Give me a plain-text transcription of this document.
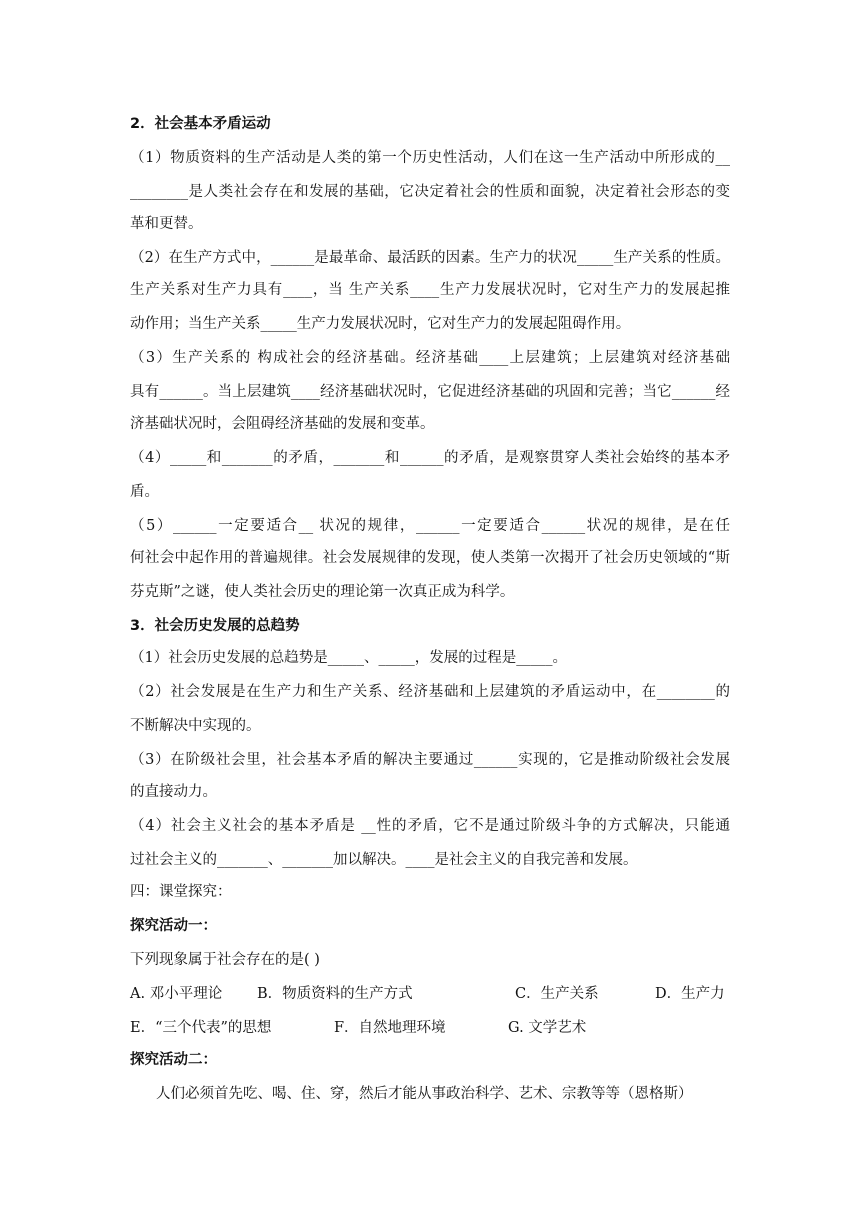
2．社会基本矛盾运动
（1）物质资料的生产活动是人类的第一个历史性活动，人们在这一生产活动中所形成的__
________是人类社会存在和发展的基础，它决定着社会的性质和面貌，决定着社会形态的变
革和更替。
（2）在生产方式中，______是最革命、最活跃的因素。生产力的状况_____生产关系的性质。
生产关系对生产力具有____，当 生产关系____生产力发展状况时，它对生产力的发展起推
动作用；当生产关系_____生产力发展状况时，它对生产力的发展起阻碍作用。
（3）生产关系的 构成社会的经济基础。经济基础____上层建筑；上层建筑对经济基础
具有______。当上层建筑____经济基础状况时，它促进经济基础的巩固和完善；当它______经
济基础状况时，会阻碍经济基础的发展和变革。
（4）_____和_______的矛盾，_______和______的矛盾，是观察贯穿人类社会始终的基本矛
盾。
（5）______一定要适合__ 状况的规律，______一定要适合______状况的规律，是在任
何社会中起作用的普遍规律。社会发展规律的发现，使人类第一次揭开了社会历史领域的“斯
芬克斯”之谜，使人类社会历史的理论第一次真正成为科学。
3．社会历史发展的总趋势
（1）社会历史发展的总趋势是_____、_____，发展的过程是_____。
（2）社会发展是在生产力和生产关系、经济基础和上层建筑的矛盾运动中，在________的
不断解决中实现的。
（3）在阶级社会里，社会基本矛盾的解决主要通过______实现的，它是推动阶级社会发展
的直接动力。
（4）社会主义社会的基本矛盾是 __性的矛盾，它不是通过阶级斗争的方式解决，只能通
过社会主义的_______、_______加以解决。____是社会主义的自我完善和发展。
四：课堂探究：
探究活动一：
下列现象属于社会存在的是( )
A. 邓小平理论 B．物质资料的生产方式	C．生产关系	D．生产力
E．“三个代表”的思想	F．自然地理环境	G. 文学艺术
探究活动二：
人们必须首先吃、喝、住、穿，然后才能从事政治科学、艺术、宗教等等（恩格斯）
